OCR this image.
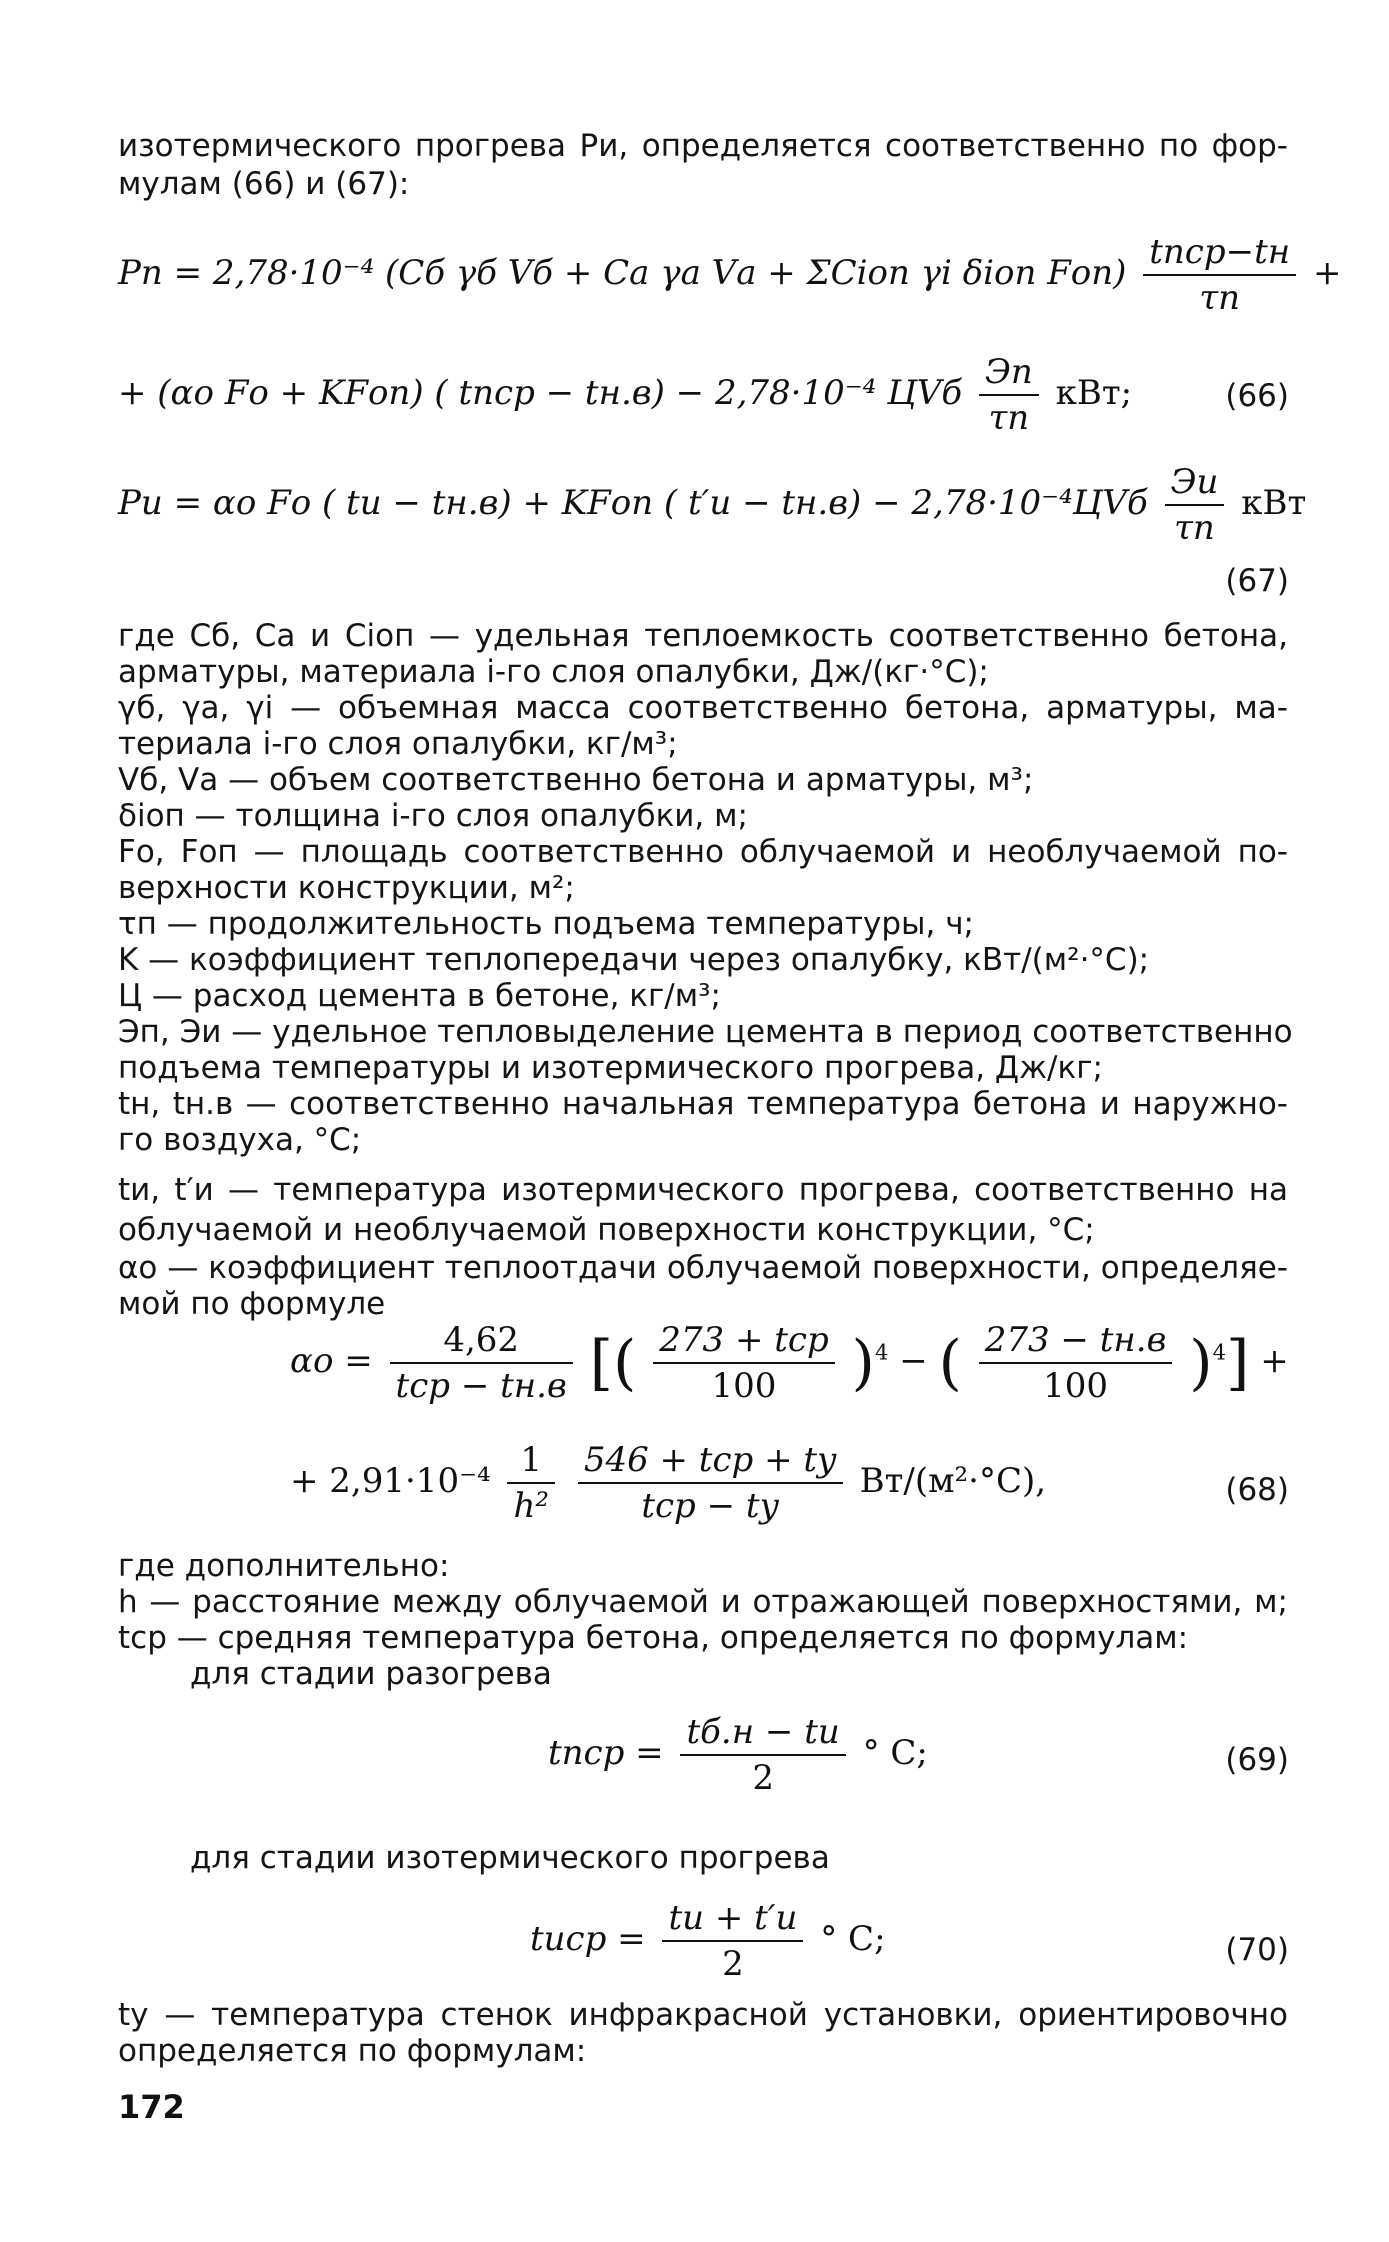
изотермического прогрева Pи, определяется соответственно по фор-
мулам (66) и (67):
Pп = 2,78·10⁻⁴ (Cб γб Vб + Cа γа Vа + ΣCiоп γi δiоп $Fоп) \frac{\text{tпср−tн}}{\tau п}$ +
+ (αо Fо + KFоп) ( tпср − tн.в) − 2,78·10⁻⁴ ЦVб $\frac{Эп}{\tau п}$ кВт;	(66)
Pи = αо Fо ( tи − tн.в) + KFоп ( $t'и - tн.в) - 2,78\cdot 10^{-4}ЦVб \frac{Эи}{\tau п}$ кВт
(67)
где Cб, Cа и Ciоп — удельная теплоемкость соответственно бетона,
арматуры, материала i-го слоя опалубки, Дж/(кг·°С);
γб, γа, γi — объемная масса соответственно бетона, арматуры, ма-
териала i-го слоя опалубки, кг/м³;
Vб, Vа — объем соответственно бетона и арматуры, м³;
δiоп — толщина i-го слоя опалубки, м;
Fо, Fоп — площадь соответственно облучаемой и необлучаемой по-
верхности конструкции, м²;
τп — продолжительность подъема температуры, ч;
K — коэффициент теплопередачи через опалубку, кВт/(м²·°С);
Ц — расход цемента в бетоне, кг/м³;
Эп, Эи — удельное тепловыделение цемента в период соответственно
подъема температуры и изотермического прогрева, Дж/кг;
tн, tн.в — соответственно начальная температура бетона и наружно-
го воздуха, °С;
tи, t′и — температура изотермического прогрева, соответственно на
облучаемой и необлучаемой поверхности конструкции, °С;
αо — коэффициент теплоотдачи облучаемой поверхности, определяе-
мой по формуле
$\alpha о = \frac{4,62}{\text{tср − tн.в}}$ [( $\frac{\text{273 + tср}}{100} )^4$ − ( $\frac{273 - tн.в}{100} )^4$] +
+ $2,91\cdot 10^{-4} \frac{1}{\text{h²}}$
$\frac{\text{546 + tср + tу}}{\text{tср − tу}} Вт/(м^2\cdot^\circ С)$,	(68)
где дополнительно:
h — расстояние между облучаемой и отражающей поверхностями, м;
tср — средняя температура бетона, определяется по формулам:
для стадии разогрева
tпср = $\frac{tб.н - tи}{2}$ ° С;	(69)
для стадии изотермического прогрева
tиср = $\frac{tи + t'и}{2}$ ° С;	(70)
tу — температура стенок инфракрасной установки, ориентировочно
определяется по формулам:
172
